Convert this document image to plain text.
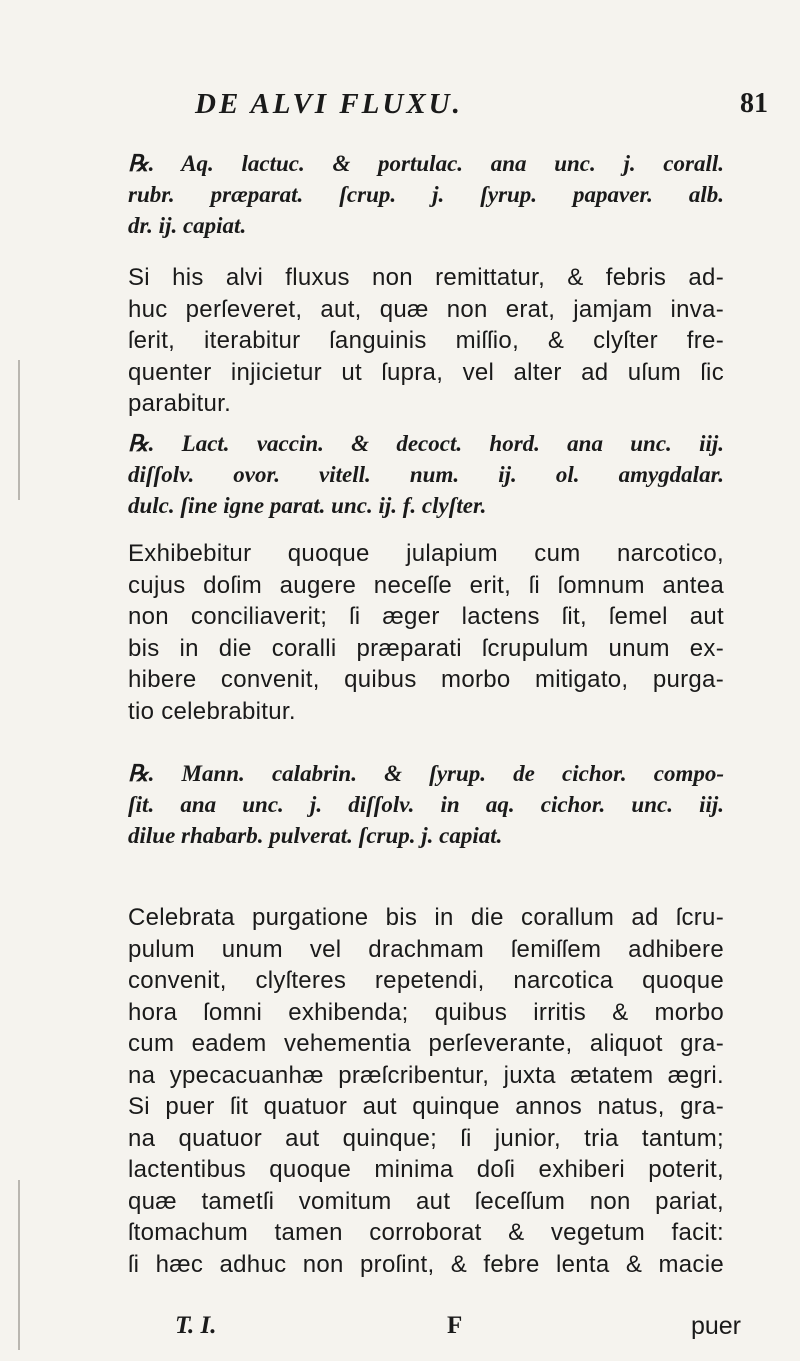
DE ALVI FLUXU.	81
℞. Aq. lactuc. & portulac. ana unc. j. corall.
rubr. præparat. ſcrup. j. ſyrup. papaver. alb.
dr. ij. capiat.
Si his alvi fluxus non remittatur, & febris ad-
huc perſeveret, aut, quæ non erat, jamjam inva-
ſerit, iterabitur ſanguinis miſſio, & clyſter fre-
quenter injicietur ut ſupra, vel alter ad uſum ſic
parabitur.
℞. Lact. vaccin. & decoct. hord. ana unc. iij.
diſſolv. ovor. vitell. num. ij. ol. amygdalar.
dulc. ſine igne parat. unc. ij. f. clyſter.
Exhibebitur quoque julapium cum narcotico,
cujus doſim augere neceſſe erit, ſi ſomnum antea
non conciliaverit; ſi æger lactens ſit, ſemel aut
bis in die coralli præparati ſcrupulum unum ex-
hibere convenit, quibus morbo mitigato, purga-
tio celebrabitur.
℞. Mann. calabrin. & ſyrup. de cichor. compo-
ſit. ana unc. j. diſſolv. in aq. cichor. unc. iij.
dilue rhabarb. pulverat. ſcrup. j. capiat.
Celebrata purgatione bis in die corallum ad ſcru-
pulum unum vel drachmam ſemiſſem adhibere
convenit, clyſteres repetendi, narcotica quoque
hora ſomni exhibenda; quibus irritis & morbo
cum eadem vehementia perſeverante, aliquot gra-
na ypecacuanhæ præſcribentur, juxta ætatem ægri.
Si puer ſit quatuor aut quinque annos natus, gra-
na quatuor aut quinque; ſi junior, tria tantum;
lactentibus quoque minima doſi exhiberi poterit,
quæ tametſi vomitum aut ſeceſſum non pariat,
ſtomachum tamen corroborat & vegetum facit:
ſi hæc adhuc non proſint, & febre lenta & macie
T. I.	F	puer
